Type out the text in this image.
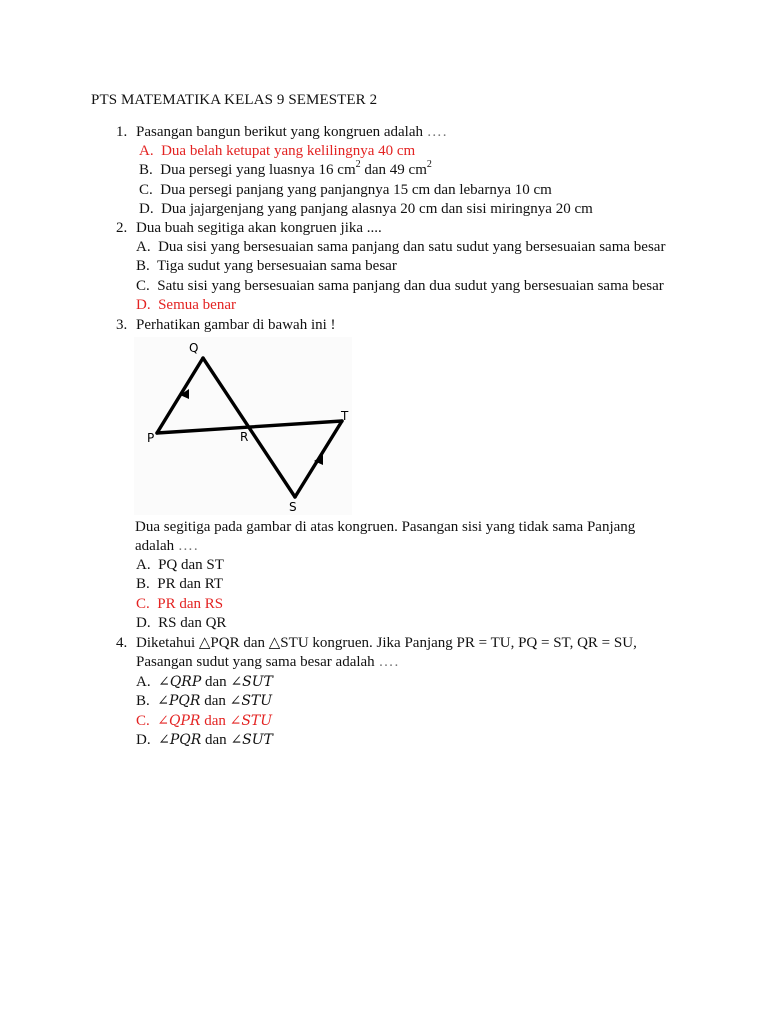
PTS MATEMATIKA KELAS 9 SEMESTER 2
1. Pasangan bangun berikut yang kongruen adalah ….
A. Dua belah ketupat yang kelilingnya 40 cm
B. Dua persegi yang luasnya 16 $cm^2$ dan 49 $cm^2$
C. Dua persegi panjang yang panjangnya 15 cm dan lebarnya 10 cm
D. Dua jajargenjang yang panjang alasnya 20 cm dan sisi miringnya 20 cm
2. Dua buah segitiga akan kongruen jika ....
A. Dua sisi yang bersesuaian sama panjang dan satu sudut yang bersesuaian sama besar
B. Tiga sudut yang bersesuaian sama besar
C. Satu sisi yang bersesuaian sama panjang dan dua sudut yang bersesuaian sama besar
D. Semua benar
3. Perhatikan gambar di bawah ini !
Q
P	R
T
S
Dua segitiga pada gambar di atas kongruen. Pasangan sisi yang tidak sama Panjang
adalah ….
A. PQ dan ST
B. PR dan RT
C. PR dan RS
D. RS dan QR
4. Diketahui △PQR dan △STU kongruen. Jika Panjang PR = TU, PQ = ST, QR = SU,
Pasangan sudut yang sama besar adalah ….
A. ∠QRP dan ∠SUT
B. ∠PQR dan ∠STU
C. ∠QPR dan ∠STU
D. ∠PQR dan ∠SUT
